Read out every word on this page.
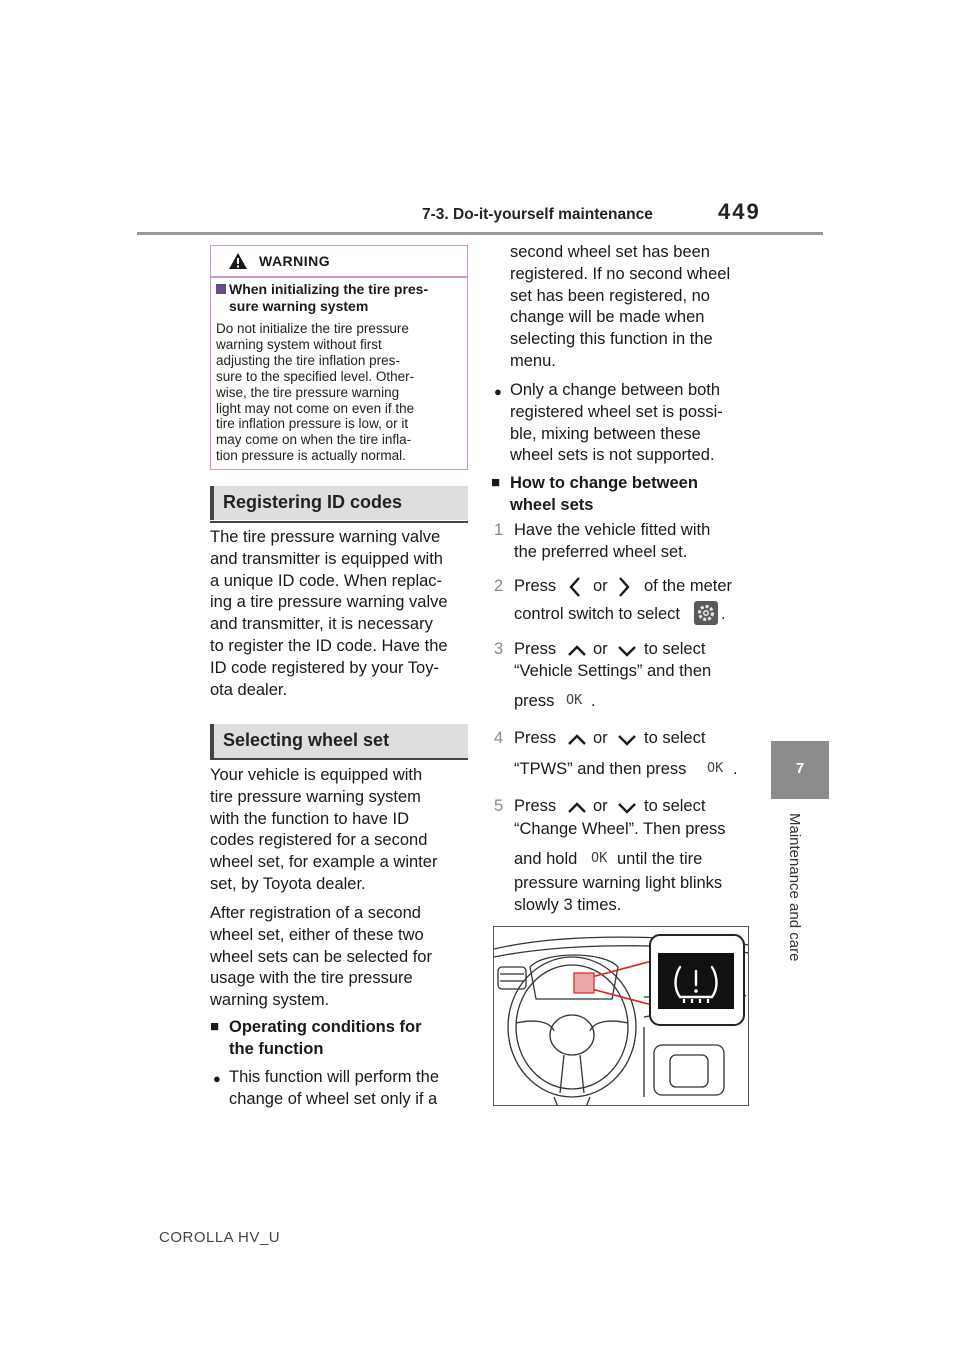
7-3. Do-it-yourself maintenance	449
7
Maintenance and care
WARNING
When initializing the tire pres-
sure warning system
Do not initialize the tire pressure
warning system without first
adjusting the tire inflation pres-
sure to the specified level. Other-
wise, the tire pressure warning
light may not come on even if the
tire inflation pressure is low, or it
may come on when the tire infla-
tion pressure is actually normal.
Registering ID codes
The tire pressure warning valve
and transmitter is equipped with
a unique ID code. When replac-
ing a tire pressure warning valve
and transmitter, it is necessary
to register the ID code. Have the
ID code registered by your Toy-
ota dealer.
Selecting wheel set
Your vehicle is equipped with
tire pressure warning system
with the function to have ID
codes registered for a second
wheel set, for example a winter
set, by Toyota dealer.
After registration of a second
wheel set, either of these two
wheel sets can be selected for
usage with the tire pressure
warning system.
■ Operating conditions for
the function
● This function will perform the
change of wheel set only if a
second wheel set has been
registered. If no second wheel
set has been registered, no
change will be made when
selecting this function in the
menu.
● Only a change between both
registered wheel set is possi-
ble, mixing between these
wheel sets is not supported.
■ How to change between
wheel sets
1 Have the vehicle fitted with
the preferred wheel set.
2 Press or of the meter
control switch to select .
3 Press or to select
“Vehicle Settings” and then
press OK .
4 Press or to select
“TPWS” and then press OK .
5 Press or to select
“Change Wheel”. Then press
and hold OK until the tire
pressure warning light blinks
slowly 3 times.
COROLLA HV_U
